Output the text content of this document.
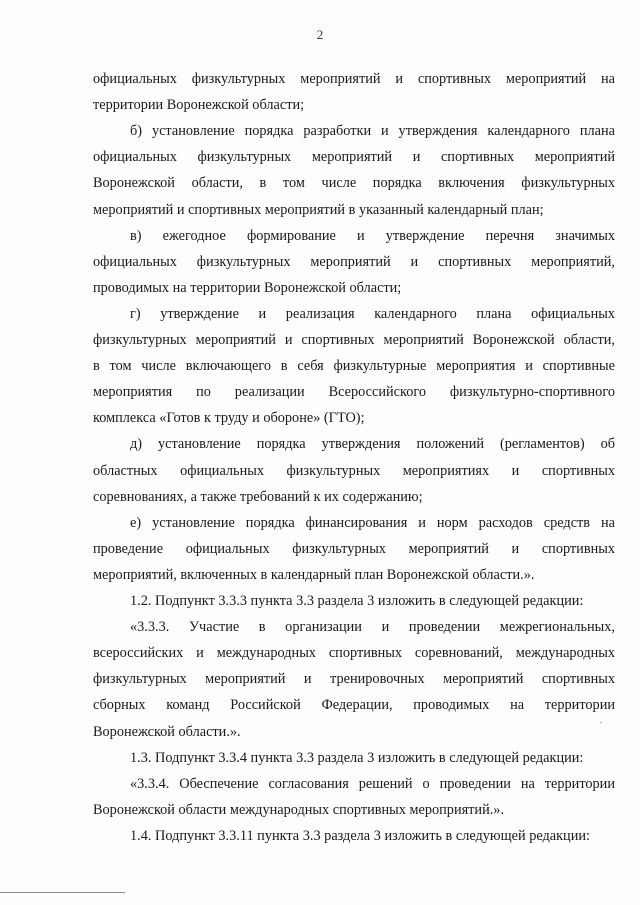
2
официальных физкультурных мероприятий и спортивных мероприятий на
территории Воронежской области;
б) установление порядка разработки и утверждения календарного плана
официальных физкультурных мероприятий и спортивных мероприятий
Воронежской области, в том числе порядка включения физкультурных
мероприятий и спортивных мероприятий в указанный календарный план;
в) ежегодное формирование и утверждение перечня значимых
официальных физкультурных мероприятий и спортивных мероприятий,
проводимых на территории Воронежской области;
г) утверждение и реализация календарного плана официальных
физкультурных мероприятий и спортивных мероприятий Воронежской области,
в том числе включающего в себя физкультурные мероприятия и спортивные
мероприятия по реализации Всероссийского физкультурно-спортивного
комплекса «Готов к труду и обороне» (ГТО);
д) установление порядка утверждения положений (регламентов) об
областных официальных физкультурных мероприятиях и спортивных
соревнованиях, а также требований к их содержанию;
е) установление порядка финансирования и норм расходов средств на
проведение официальных физкультурных мероприятий и спортивных
мероприятий, включенных в календарный план Воронежской области.».
1.2. Подпункт 3.3.3 пункта 3.3 раздела 3 изложить в следующей редакции:
«3.3.3. Участие в организации и проведении межрегиональных,
всероссийских и международных спортивных соревнований, международных
физкультурных мероприятий и тренировочных мероприятий спортивных
сборных команд Российской Федерации, проводимых на территории
Воронежской области.».
1.3. Подпункт 3.3.4 пункта 3.3 раздела 3 изложить в следующей редакции:
«3.3.4. Обеспечение согласования решений о проведении на территории
Воронежской области международных спортивных мероприятий.».
1.4. Подпункт 3.3.11 пункта 3.3 раздела 3 изложить в следующей редакции:
